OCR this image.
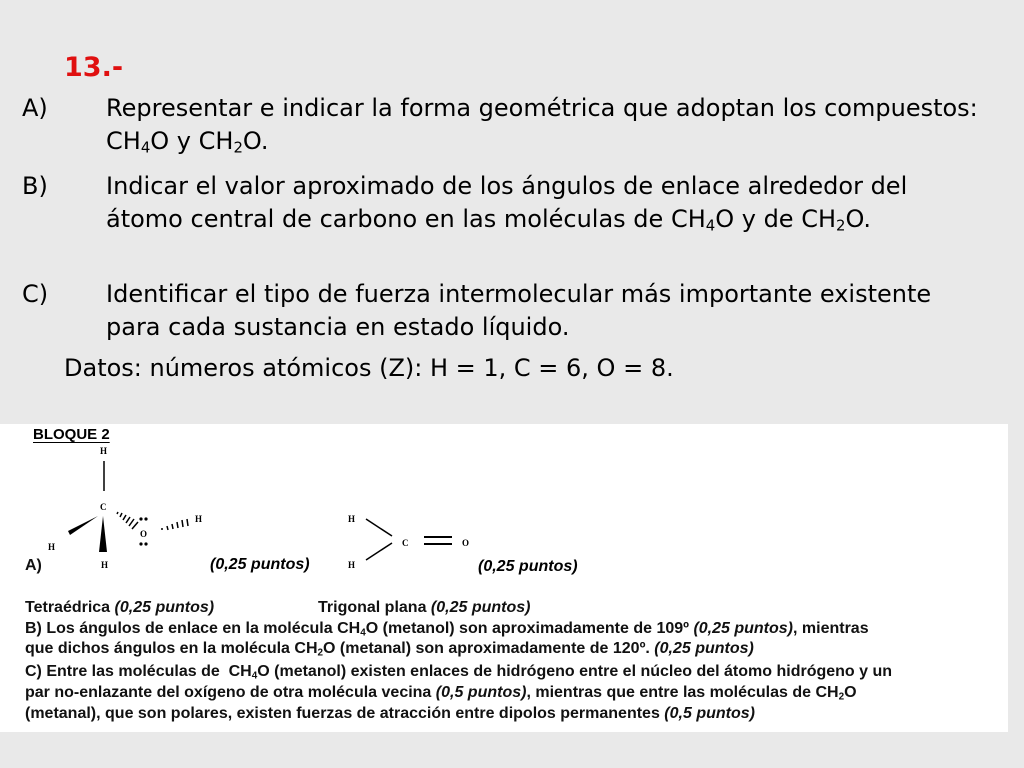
13.-

A) Representar e indicar la forma geométrica que adoptan los compuestos: $CH_4O$ y $CH_2O$.

B) Indicar el valor aproximado de los ángulos de enlace alrededor del átomo central de carbono en las moléculas de $CH_4O$ y de $CH_2O$.

C) Identificar el tipo de fuerza intermolecular más importante existente para cada sustancia en estado líquido.

Datos: números atómicos (Z): H = 1, C = 6, O = 8.

BLOQUE 2
H
C
H
H
O
H	H
H
C	O
A)	(0,25 puntos)	(0,25 puntos)
Tetraédrica (0,25 puntos)	Trigonal plana (0,25 puntos)
B) Los ángulos de enlace en la molécula $CH_4O$ (metanol) son aproximadamente de 109º (0,25 puntos), mientras
que dichos ángulos en la molécula $CH_2O$ (metanal) son aproximadamente de 120º. (0,25 puntos)
C) Entre las moléculas de  $CH_4O$ (metanol) existen enlaces de hidrógeno entre el núcleo del átomo hidrógeno y un
par no-enlazante del oxígeno de otra molécula vecina (0,5 puntos), mientras que entre las moléculas de $CH_2O$
(metanal), que son polares, existen fuerzas de atracción entre dipolos permanentes (0,5 puntos)
